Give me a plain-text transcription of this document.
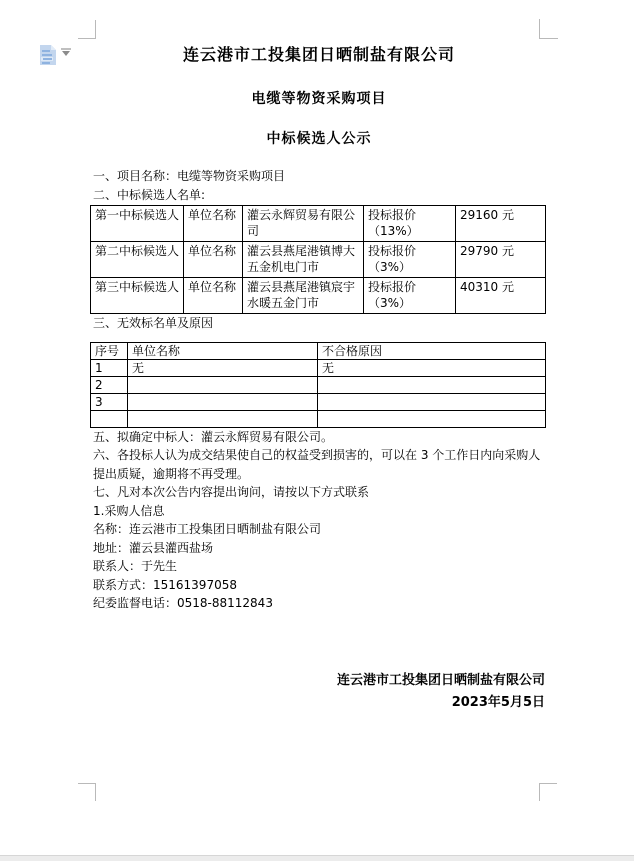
连云港市工投集团日晒制盐有限公司
电缆等物资采购项目
中标候选人公示

一、项目名称：电缆等物资采购项目

二、中标候选人名单:

第一中标候选人	单位名称	灌云永辉贸易有限公司	投标报价（13%）	29160 元
第二中标候选人	单位名称	灌云县燕尾港镇博大五金机电门市	投标报价（3%）	29790 元
第三中标候选人	单位名称	灌云县燕尾港镇宸宇水暖五金门市	投标报价（3%）	40310 元

三、无效标名单及原因

序号	单位名称	不合格原因
1	无	无
2		
3		

五、拟确定中标人：灌云永辉贸易有限公司。

六、各投标人认为成交结果使自己的权益受到损害的，可以在 3 个工作日内向采购人提出质疑，逾期将不再受理。

七、凡对本次公告内容提出询问，请按以下方式联系

1.采购人信息

名称：连云港市工投集团日晒制盐有限公司

地址：灌云县灌西盐场

联系人：于先生

联系方式：15161397058

纪委监督电话：0518-88112843

连云港市工投集团日晒制盐有限公司
2023年5月5日
